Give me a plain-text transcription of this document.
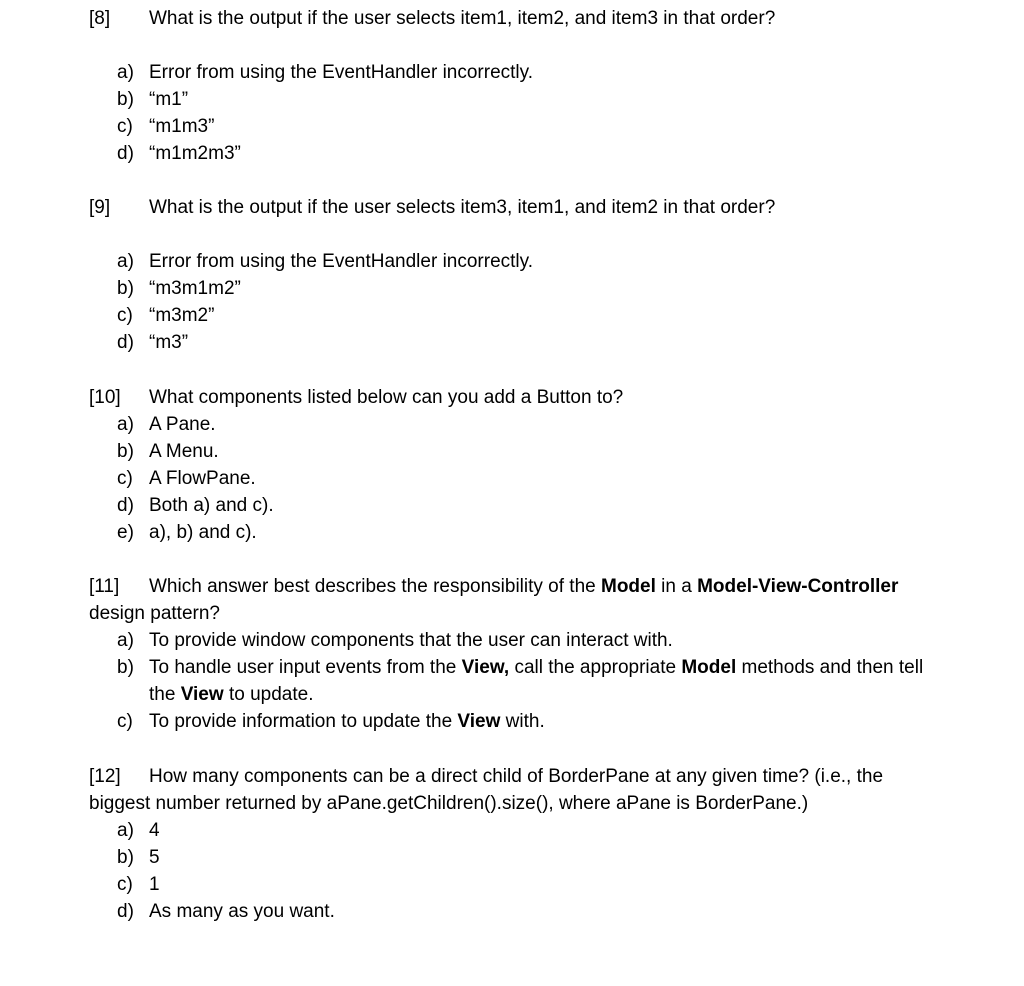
[8] What is the output if the user selects item1, item2, and item3 in that order?
a) Error from using the EventHandler incorrectly.
b) “m1”
c) “m1m3”
d) “m1m2m3”
[9] What is the output if the user selects item3, item1, and item2 in that order?
a) Error from using the EventHandler incorrectly.
b) “m3m1m2”
c) “m3m2”
d) “m3”
[10] What components listed below can you add a Button to?
a) A Pane.
b) A Menu.
c) A FlowPane.
d) Both a) and c).
e) a), b) and c).
[11] Which answer best describes the responsibility of the Model in a Model-View-Controller design pattern?
a) To provide window components that the user can interact with.
b) To handle user input events from the View, call the appropriate Model methods and then tell the View to update.
c) To provide information to update the View with.
[12] How many components can be a direct child of BorderPane at any given time? (i.e., the biggest number returned by aPane.getChildren().size(), where aPane is BorderPane.)
a) 4
b) 5
c) 1
d) As many as you want.
